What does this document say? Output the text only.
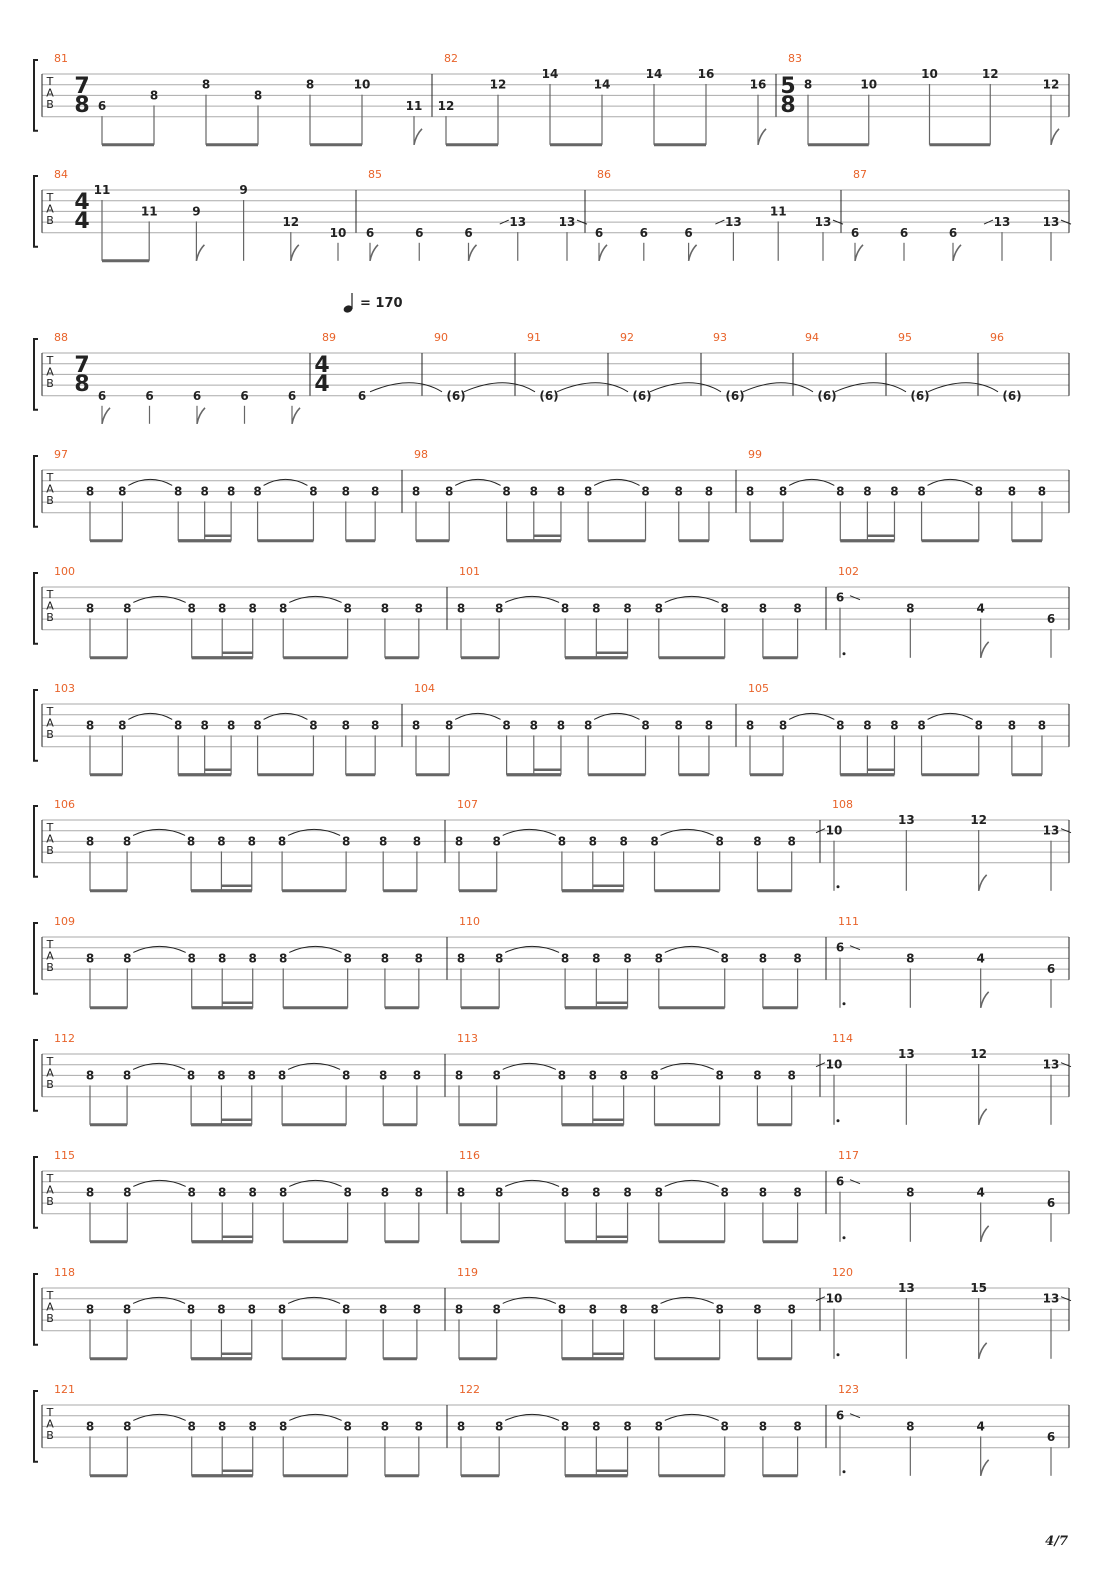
T
A
B
81
7
8 6
8
8
8
8	10
11
82
12
12
14
14
14	16
16
83
5
8
8	10
10	12
12
T
A
B
84
4
4
11
11	9
9
12
10
85
6	6	6
13	13
86
6	6	6
13
11
13
87
6	6	6
13	13
T
A
B
88
7
8 6	6	6	6	6
89
4
4 6
= 170
90
(6)
91
(6)
92
(6)
93
(6)
94
(6)
95
(6)
96
(6)
T
A
B
97
8 8	8 8 8 8	8 8 8
98
8 8	8 8 8 8	8 8 8
99
8 8	8 8 8 8	8 8 8
T
A
B
100
8 8	8 8 8 8	8 8 8
101
8 8	8 8 8 8	8 8 8
102
6
8	4
6
T
A
B
103
8 8	8 8 8 8	8 8 8
104
8 8	8 8 8 8	8 8 8
105
8 8	8 8 8 8	8 8 8
T
A
B
106
8 8	8 8 8 8	8 8 8
107
8 8	8 8 8 8	8 8 8
108
10
13	12
13
T
A
B
109
8 8	8 8 8 8	8 8 8
110
8 8	8 8 8 8	8 8 8
111
6
8	4
6
T
A
B
112
8 8	8 8 8 8	8 8 8
113
8 8	8 8 8 8	8 8 8
114
10
13	12
13
T
A
B
115
8 8	8 8 8 8	8 8 8
116
8 8	8 8 8 8	8 8 8
117
6
8	4
6
T
A
B
118
8 8	8 8 8 8	8 8 8
119
8 8	8 8 8 8	8 8 8
120
10
13	15
13
T
A
B
121
8 8	8 8 8 8	8 8 8
122
8 8	8 8 8 8	8 8 8
123
6
8	4
6
4/7
